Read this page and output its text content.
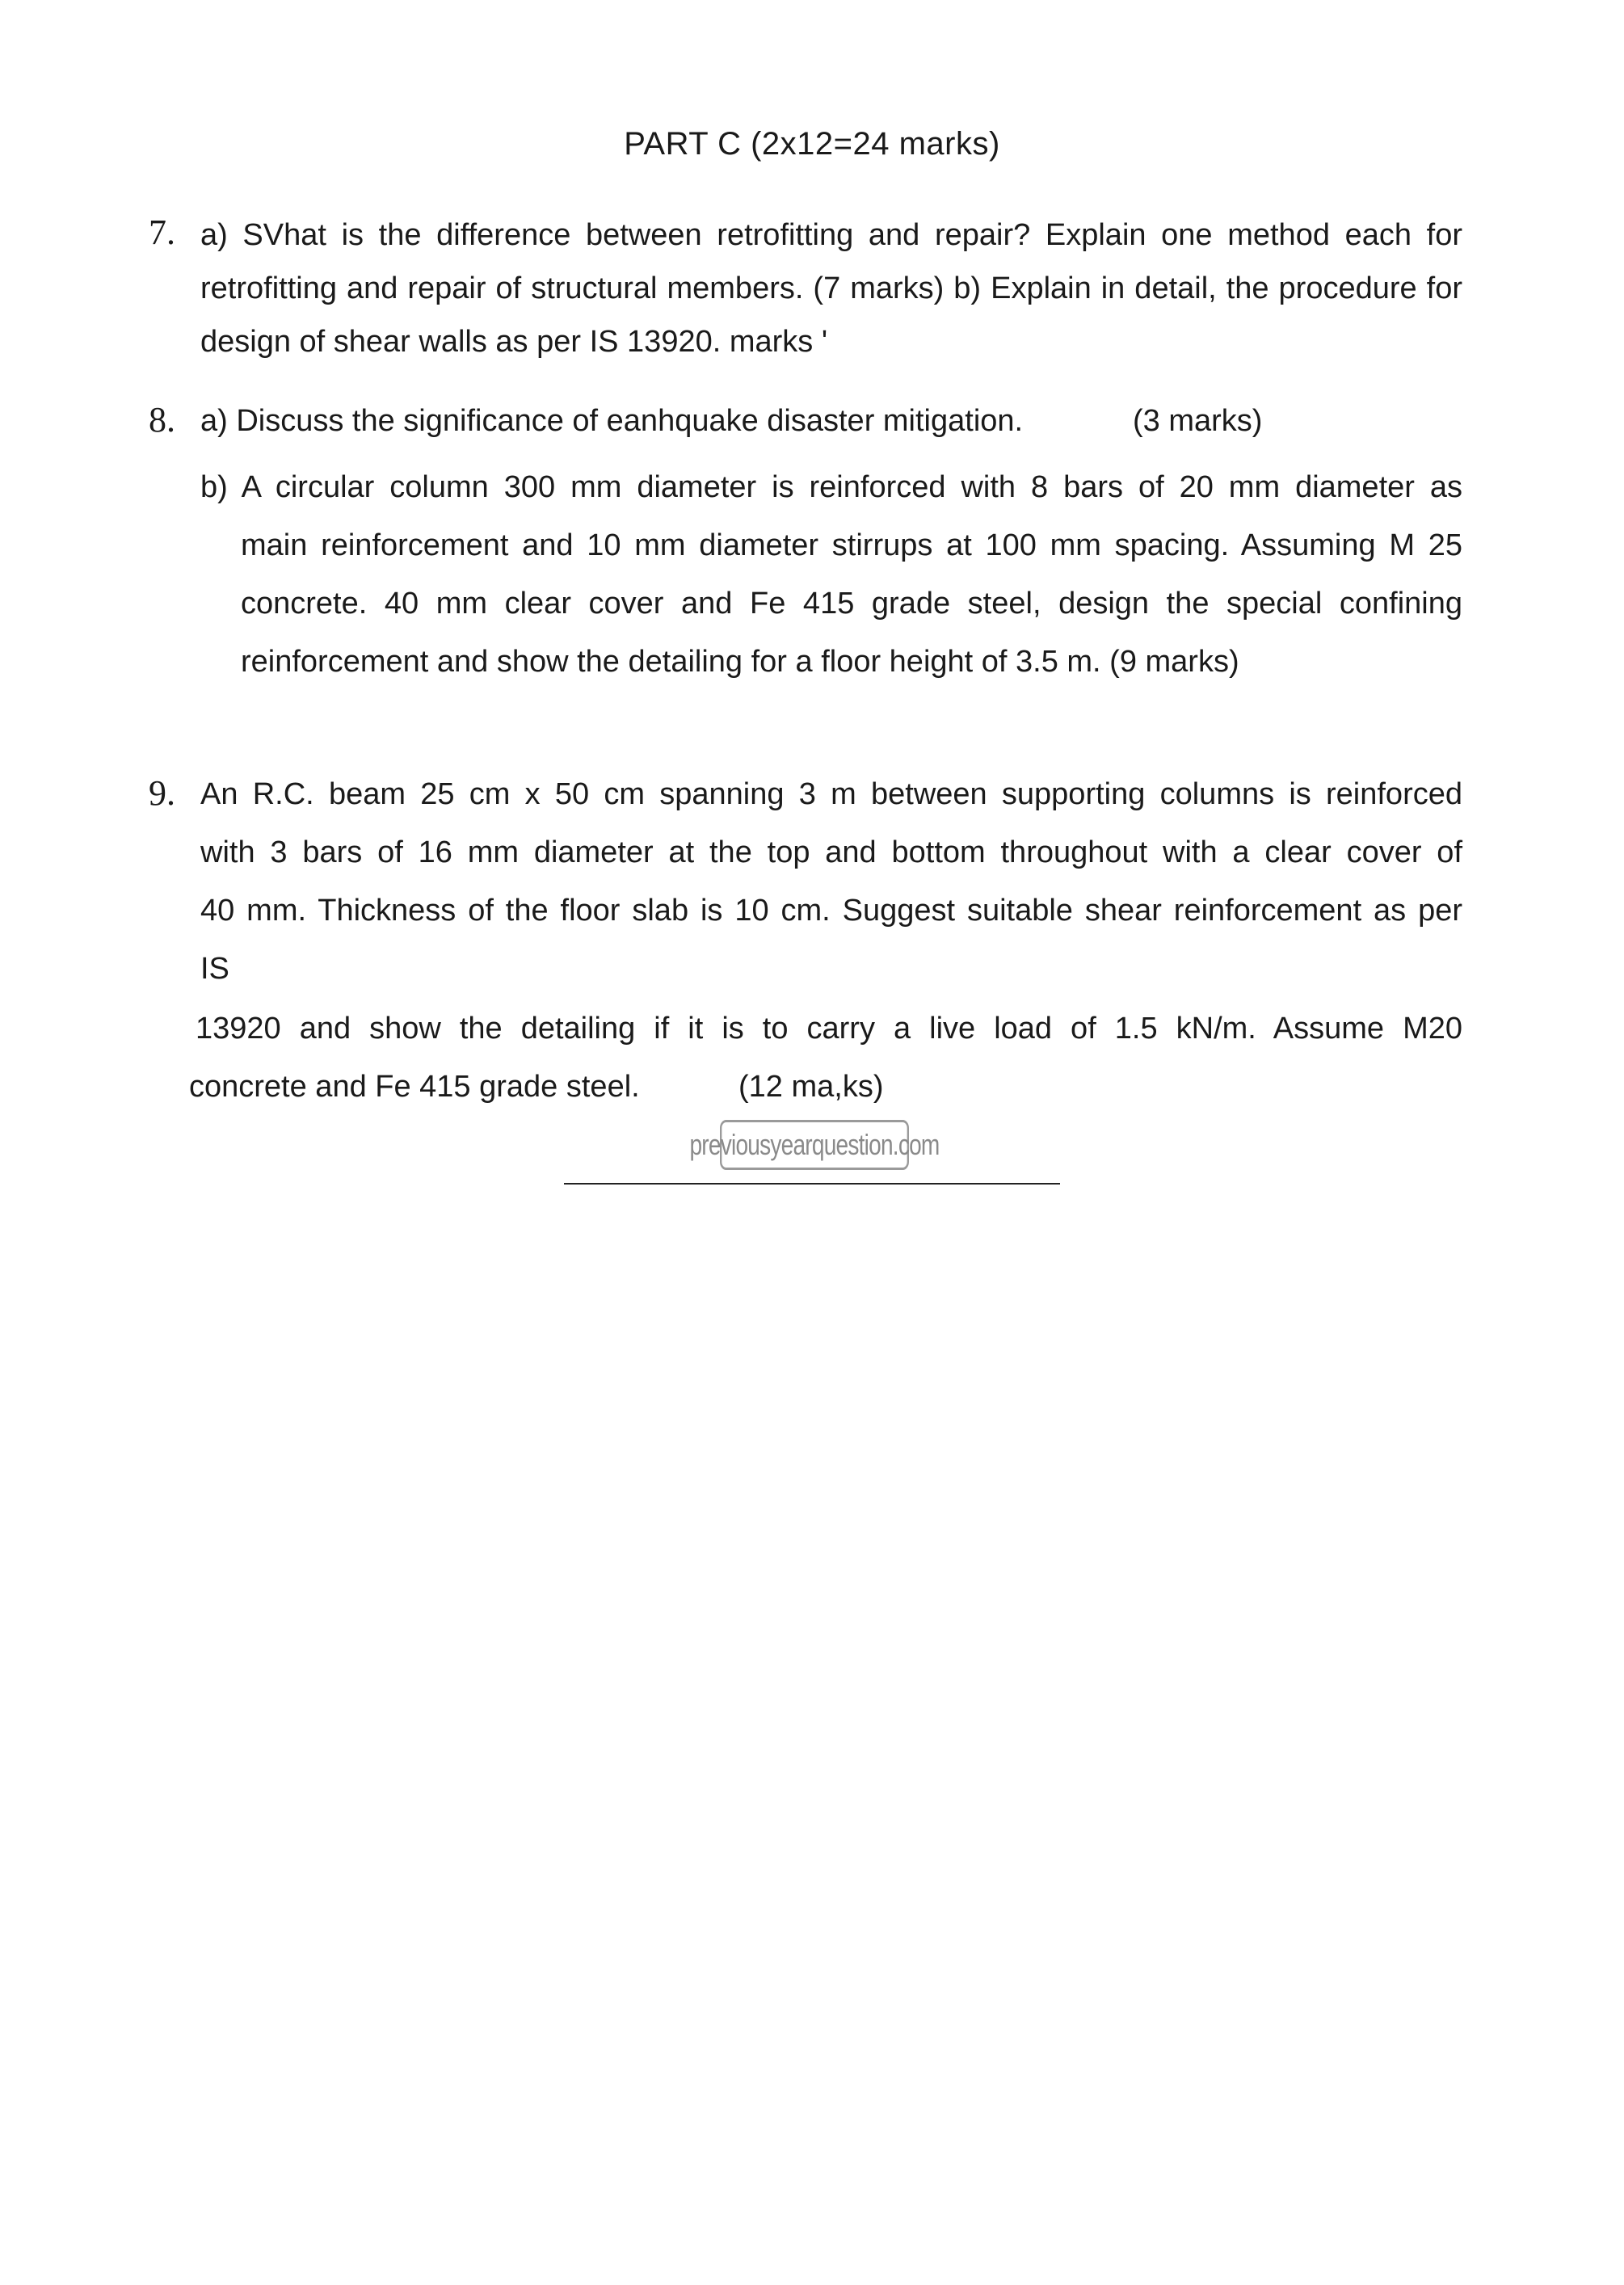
PART C (2x12=24 marks)
7. a) SVhat is the difference between retrofitting and repair? Explain one method each for
retrofitting and repair of structural members. (7 marks) b) Explain in detail, the procedure for
design of shear walls as per IS 13920. marks '
8. a) Discuss the significance of eanhquake disaster mitigation.	(3 marks)
b) A circular column 300 mm diameter is reinforced with 8 bars of 20 mm diameter as
main reinforcement and 10 mm diameter stirrups at 100 mm spacing. Assuming M 25
concrete. 40 mm clear cover and Fe 415 grade steel, design the special confining
reinforcement and show the detailing for a floor height of 3.5 m. (9 marks)
9. An R.C. beam 25 cm x 50 cm spanning 3 m between supporting columns is reinforced
with 3 bars of 16 mm diameter at the top and bottom throughout with a clear cover of
40 mm. Thickness of the floor slab is 10 cm. Suggest suitable shear reinforcement as per
IS
13920 and show the detailing if it is to carry a live load of 1.5 kN/m. Assume M20
concrete and Fe 415 grade steel.	(12 ma,ks)
previousyearquestion.com
